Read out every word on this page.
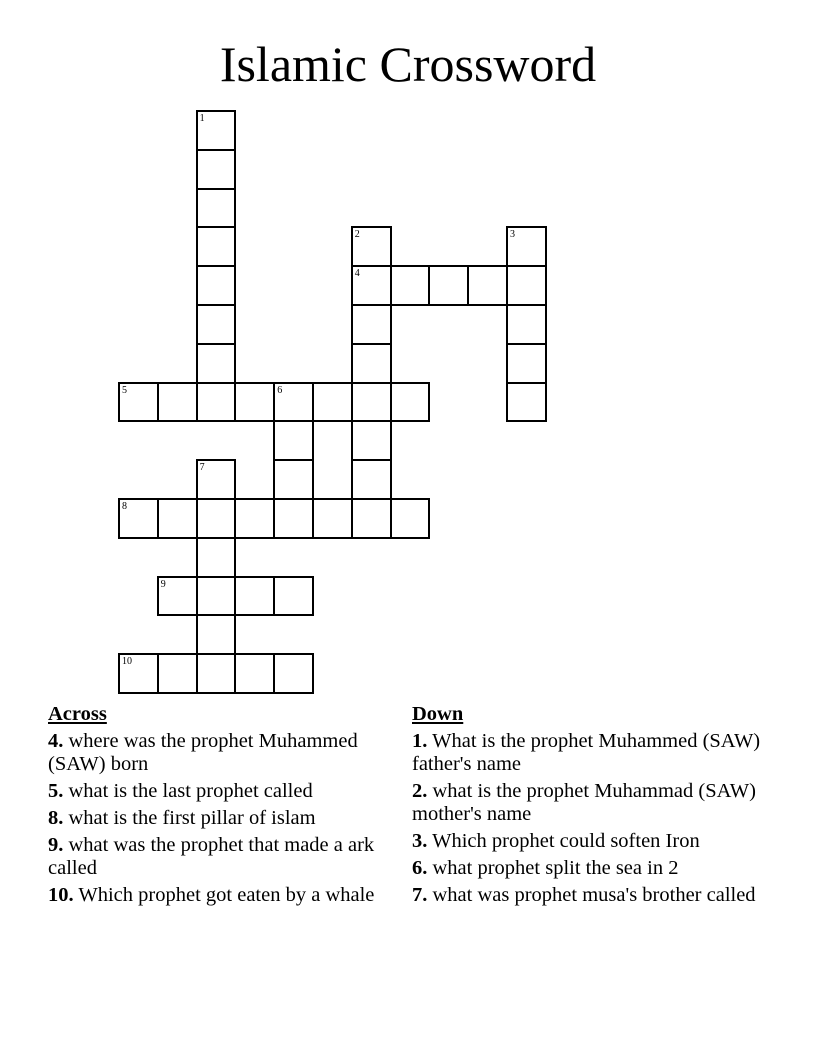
Islamic Crossword
1
2
4
3
5	6
7
8
9
10
Across
4. where was the prophet Muhammed (SAW) born
5. what is the last prophet called
8. what is the first pillar of islam
9. what was the prophet that made a ark called
10. Which prophet got eaten by a whale
Down
1. What is the prophet Muhammed (SAW) father's name
2. what is the prophet Muhammad (SAW) mother's name
3. Which prophet could soften Iron
6. what prophet split the sea in 2
7. what was prophet musa's brother called
